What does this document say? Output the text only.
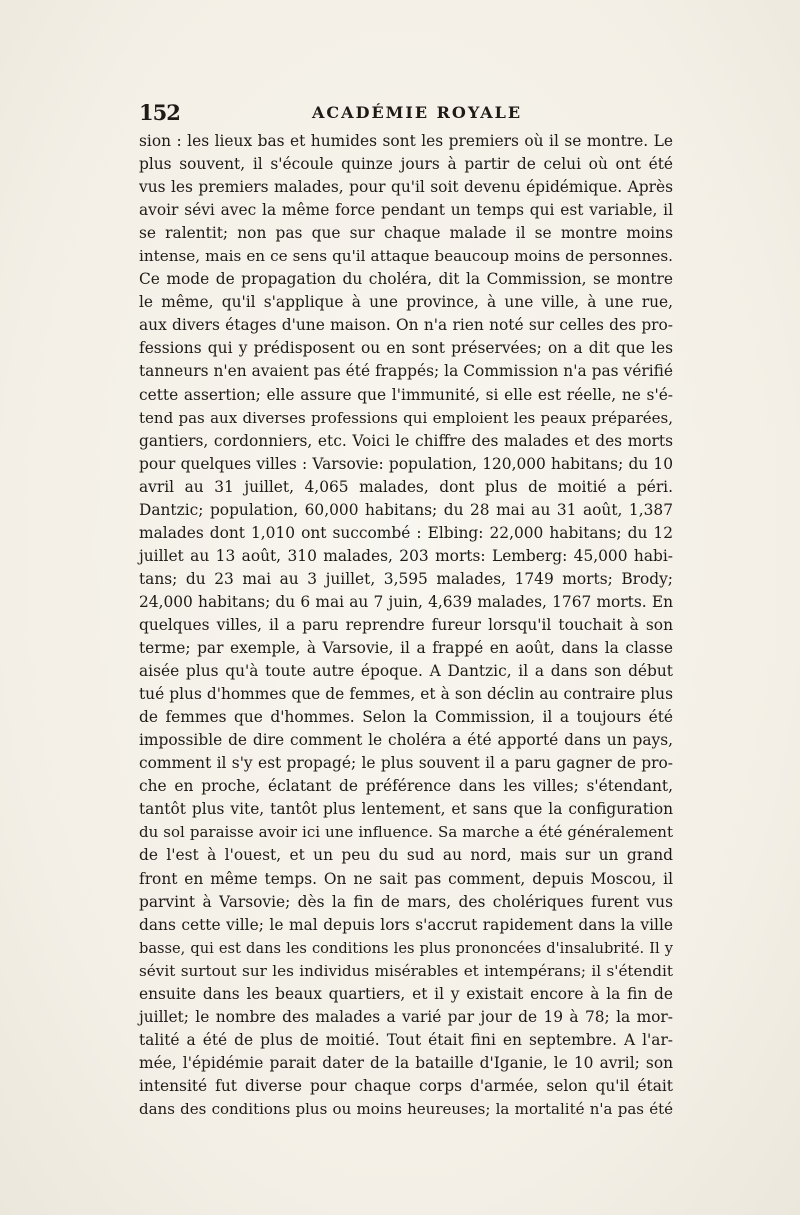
152	ACADÉMIE ROYALE
sion : les lieux bas et humides sont les premiers où il se montre. Le
plus souvent, il s'écoule quinze jours à partir de celui où ont été
vus les premiers malades, pour qu'il soit devenu épidémique. Après
avoir sévi avec la même force pendant un temps qui est variable, il
se ralentit; non pas que sur chaque malade il se montre moins
intense, mais en ce sens qu'il attaque beaucoup moins de personnes.
Ce mode de propagation du choléra, dit la Commission, se montre
le même, qu'il s'applique à une province, à une ville, à une rue,
aux divers étages d'une maison. On n'a rien noté sur celles des pro-
fessions qui y prédisposent ou en sont préservées; on a dit que les
tanneurs n'en avaient pas été frappés; la Commission n'a pas vérifié
cette assertion; elle assure que l'immunité, si elle est réelle, ne s'é-
tend pas aux diverses professions qui emploient les peaux préparées,
gantiers, cordonniers, etc. Voici le chiffre des malades et des morts
pour quelques villes : Varsovie: population, 120,000 habitans; du 10
avril au 31 juillet, 4,065 malades, dont plus de moitié a péri.
Dantzic; population, 60,000 habitans; du 28 mai au 31 août, 1,387
malades dont 1,010 ont succombé : Elbing: 22,000 habitans; du 12
juillet au 13 août, 310 malades, 203 morts: Lemberg: 45,000 habi-
tans; du 23 mai au 3 juillet, 3,595 malades, 1749 morts; Brody;
24,000 habitans; du 6 mai au 7 juin, 4,639 malades, 1767 morts. En
quelques villes, il a paru reprendre fureur lorsqu'il touchait à son
terme; par exemple, à Varsovie, il a frappé en août, dans la classe
aisée plus qu'à toute autre époque. A Dantzic, il a dans son début
tué plus d'hommes que de femmes, et à son déclin au contraire plus
de femmes que d'hommes. Selon la Commission, il a toujours été
impossible de dire comment le choléra a été apporté dans un pays,
comment il s'y est propagé; le plus souvent il a paru gagner de pro-
che en proche, éclatant de préférence dans les villes; s'étendant,
tantôt plus vite, tantôt plus lentement, et sans que la configuration
du sol paraisse avoir ici une influence. Sa marche a été généralement
de l'est à l'ouest, et un peu du sud au nord, mais sur un grand
front en même temps. On ne sait pas comment, depuis Moscou, il
parvint à Varsovie; dès la fin de mars, des cholériques furent vus
dans cette ville; le mal depuis lors s'accrut rapidement dans la ville
basse, qui est dans les conditions les plus prononcées d'insalubrité. Il y
sévit surtout sur les individus misérables et intempérans; il s'étendit
ensuite dans les beaux quartiers, et il y existait encore à la fin de
juillet; le nombre des malades a varié par jour de 19 à 78; la mor-
talité a été de plus de moitié. Tout était fini en septembre. A l'ar-
mée, l'épidémie parait dater de la bataille d'Iganie, le 10 avril; son
intensité fut diverse pour chaque corps d'armée, selon qu'il était
dans des conditions plus ou moins heureuses; la mortalité n'a pas été
